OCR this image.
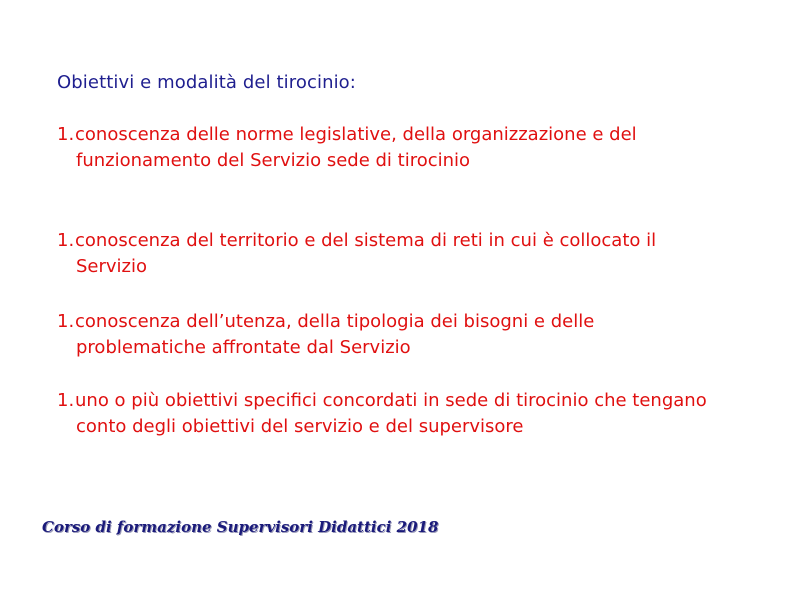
Obiettivi e modalità del tirocinio:
1. conoscenza delle norme legislative, della organizzazione e del funzionamento del Servizio sede di tirocinio
1. conoscenza del territorio e del sistema di reti in cui è collocato il Servizio
1. conoscenza dell’utenza, della tipologia dei bisogni e delle problematiche affrontate dal Servizio
1. uno o più obiettivi specifici concordati in sede di tirocinio che tengano conto degli obiettivi del servizio e del supervisore
Corso di formazione Supervisori Didattici 2018
